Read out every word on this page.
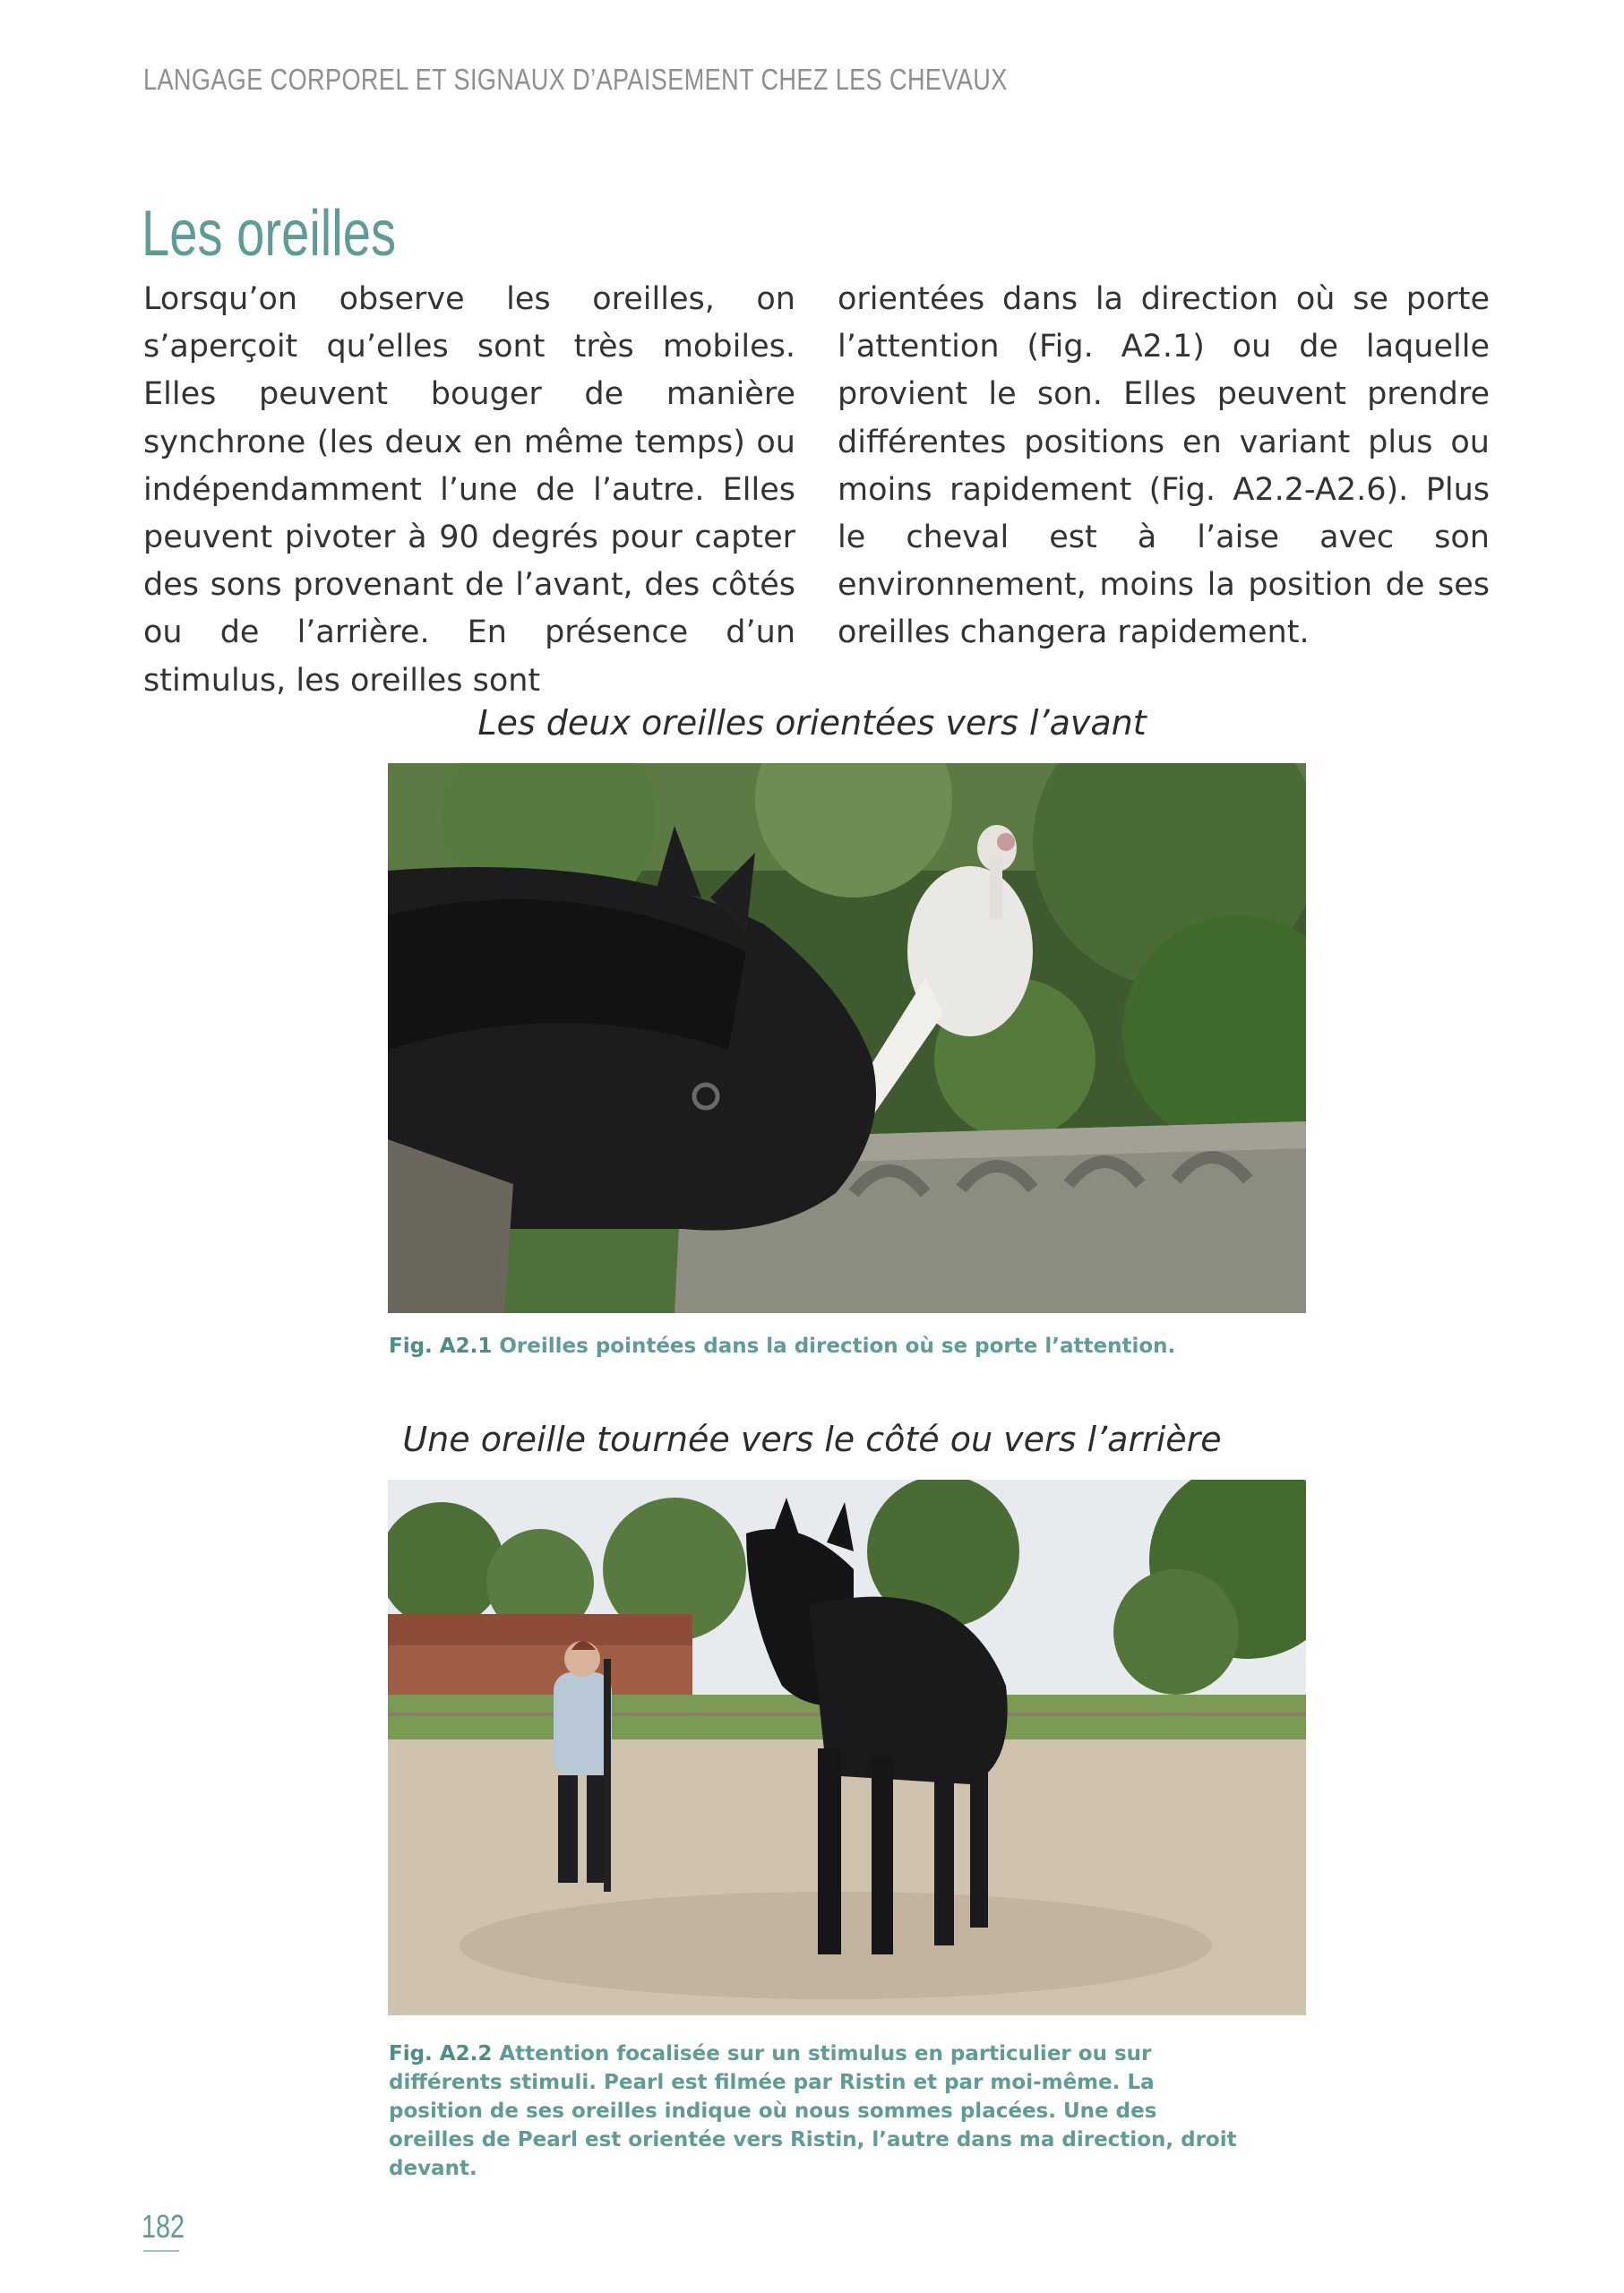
LANGAGE CORPOREL ET SIGNAUX D’APAISEMENT CHEZ LES CHEVAUX
Les oreilles

Lorsqu’on observe les oreilles, on s’aperçoit qu’elles sont très mobiles. Elles peuvent bouger de manière synchrone (les deux en même temps) ou indépendamment l’une de l’autre. Elles peuvent pivoter à 90 degrés pour capter des sons provenant de l’avant, des côtés ou de l’arrière. En présence d’un stimulus, les oreilles sont

orientées dans la direction où se porte l’attention (Fig. A2.1) ou de laquelle provient le son. Elles peuvent prendre différentes positions en variant plus ou moins rapidement (Fig. A2.2-A2.6). Plus le cheval est à l’aise avec son environnement, moins la position de ses oreilles changera rapidement.

Les deux oreilles orientées vers l’avant

Fig. A2.1 Oreilles pointées dans la direction où se porte l’attention.

Une oreille tournée vers le côté ou vers l’arrière

Fig. A2.2 Attention focalisée sur un stimulus en particulier ou sur différents stimuli. Pearl est filmée par Ristin et par moi-même. La position de ses oreilles indique où nous sommes placées. Une des oreilles de Pearl est orientée vers Ristin, l’autre dans ma direction, droit devant.

182
